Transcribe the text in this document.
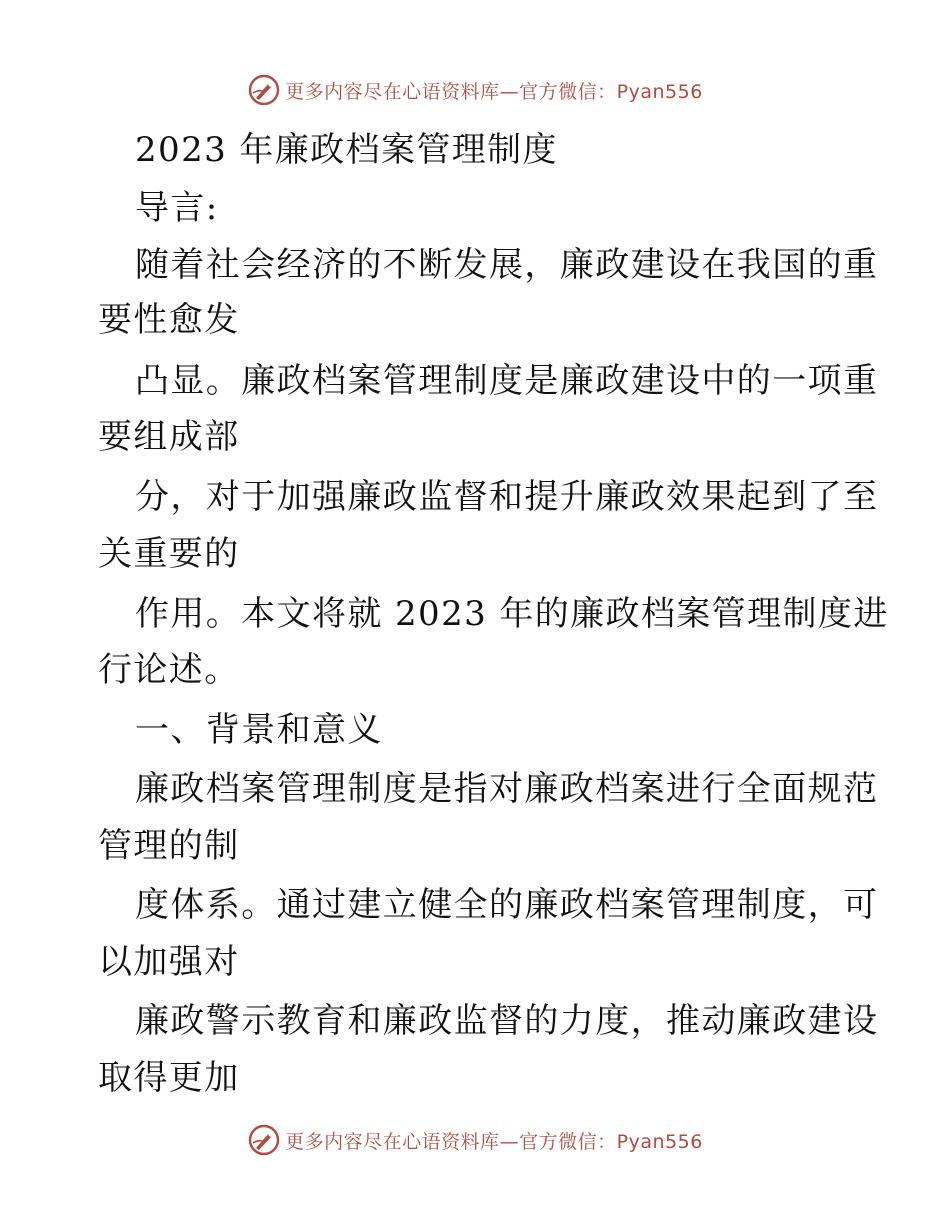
更多内容尽在心语资料库—官方微信：Pyan556
2023 年廉政档案管理制度
导言:
随着社会经济的不断发展，廉政建设在我国的重
要性愈发
凸显。廉政档案管理制度是廉政建设中的一项重
要组成部
分，对于加强廉政监督和提升廉政效果起到了至
关重要的
作用。本文将就 2023 年的廉政档案管理制度进
行论述。
一、背景和意义
廉政档案管理制度是指对廉政档案进行全面规范
管理的制
度体系。通过建立健全的廉政档案管理制度，可
以加强对
廉政警示教育和廉政监督的力度，推动廉政建设
取得更加
更多内容尽在心语资料库—官方微信：Pyan556
